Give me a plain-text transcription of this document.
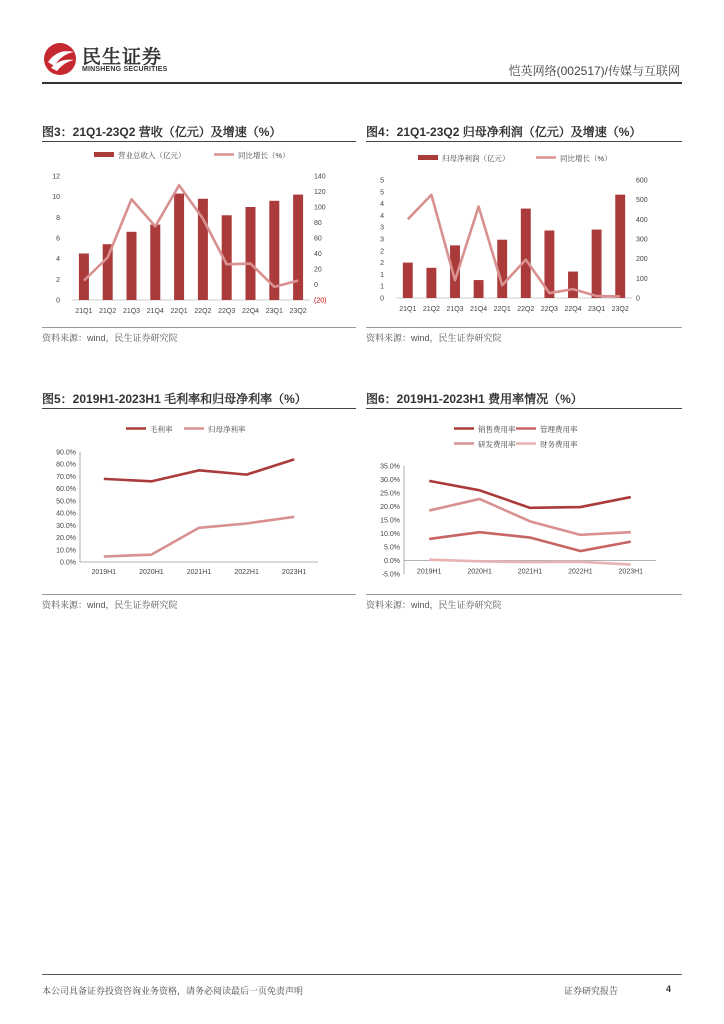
民生证券
MINSHENG SECURITIES	恺英网络(002517)/传媒与互联网
图3：21Q1-23Q2 营收（亿元）及增速（%）	图4：21Q1-23Q2 归母净利润（亿元）及增速（%）
图5：2019H1-2023H1 毛利率和归母净利率（%）	图6：2019H1-2023H1 费用率情况（%）
0
2
4
6
8
10
12
(20)
0
20
40
60
80
100
120
140
21Q1 21Q2 21Q3 21Q4 22Q1 22Q2 22Q3 22Q4 23Q1 23Q2
营业总收入（亿元）	同比增长（%）
0
1
1
2
2
3
3
4
4
5
5
0
100
200
300
400
500
600
21Q1 21Q2 21Q3 21Q4 22Q1 22Q2 22Q3 22Q4 23Q1 23Q2
归母净利润（亿元）	同比增长（%）
0.0%
10.0%
20.0%
30.0%
40.0%
50.0%
60.0%
70.0%
80.0%
90.0%
2019H1	2020H1	2021H1	2022H1	2023H1
毛利率	归母净利率
-5.0%
0.0%
5.0%
10.0%
15.0%
20.0%
25.0%
30.0%
35.0%
2019H1	2020H1	2021H1	2022H1	2023H1
销售费用率	管理费用率
研发费用率	财务费用率
资料来源：wind，民生证券研究院	资料来源：wind，民生证券研究院
资料来源：wind，民生证券研究院	资料来源：wind，民生证券研究院
本公司具备证券投资咨询业务资格，请务必阅读最后一页免责声明	证券研究报告	4
